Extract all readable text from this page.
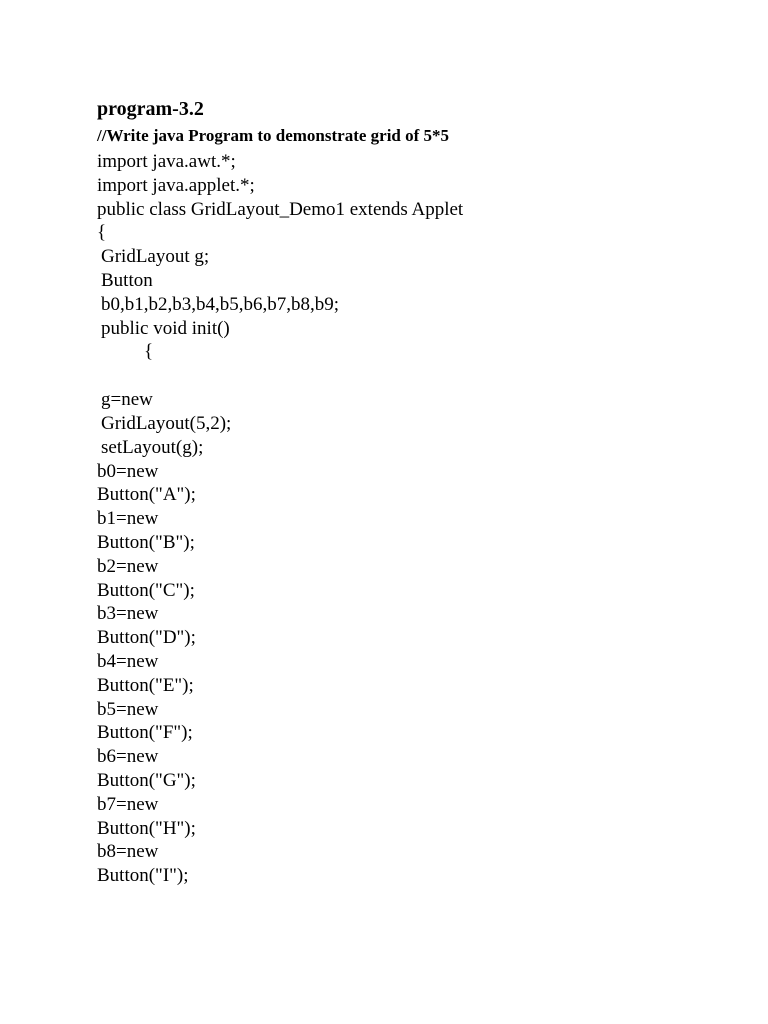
program-3.2
//Write java Program to demonstrate grid of 5*5
import java.awt.*;
import java.applet.*;
public class GridLayout_Demo1 extends Applet
{
GridLayout g;
Button
b0,b1,b2,b3,b4,b5,b6,b7,b8,b9;
public void init()
{
g=new
GridLayout(5,2);
setLayout(g);
b0=new
Button("A");
b1=new
Button("B");
b2=new
Button("C");
b3=new
Button("D");
b4=new
Button("E");
b5=new
Button("F");
b6=new
Button("G");
b7=new
Button("H");
b8=new
Button("I");
